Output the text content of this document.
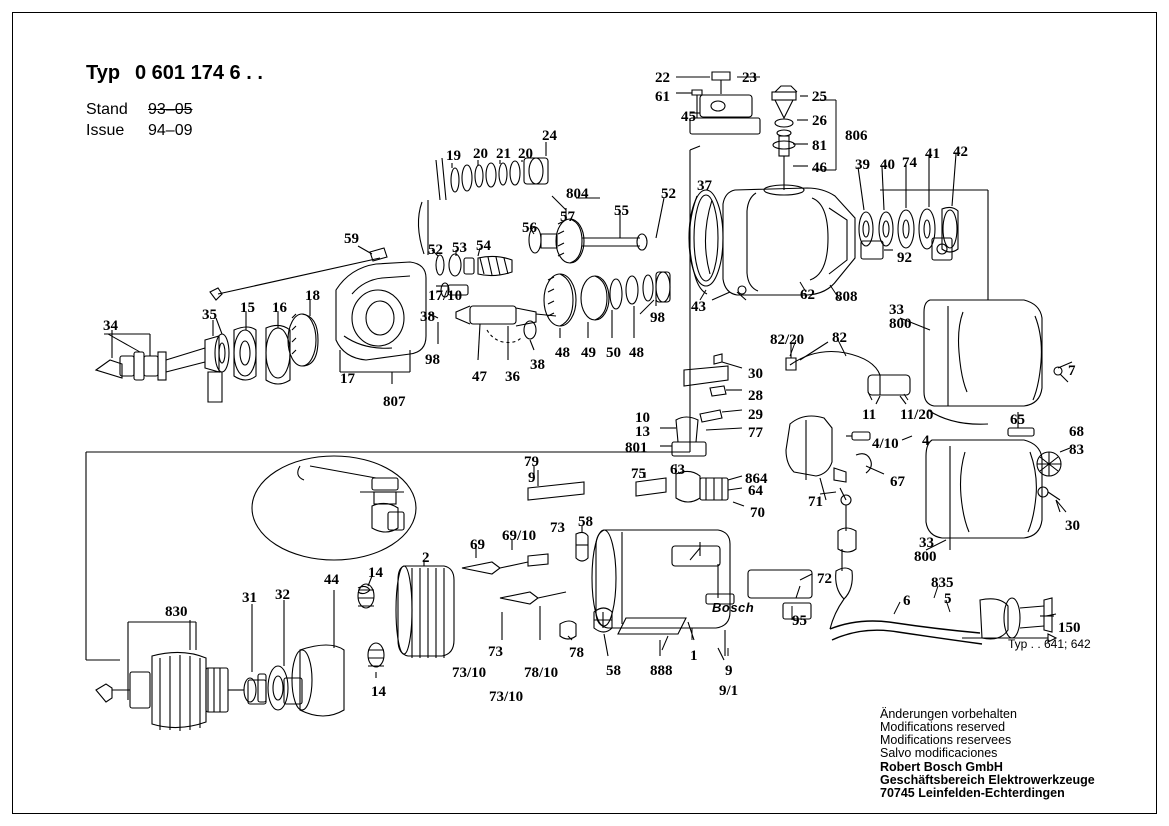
Typ 0 601 174 6 . .
Stand 93–05
Issue 94–09
Bosch
Typ . . 641; 642
Änderungen vorbehalten
Modifications reserved
Modifications reservees
Salvo modificaciones
Robert Bosch GmbH
Geschäftsbereich Elektrowerkzeuge
70745 Leinfelden-Echterdingen
22	23
61	25
45	26
806
81	41 42
39 40 74
46
19 20 21 20
24
804	52 37
57	55
56
59
52 53 54
92
17/10
35 15 16
18
34
38
43
62 808
33
800
98
48 49 50 48
82/20 82
7
98
47 36
38
30
17
807	28
11 11/20	65
68
29
10
13	77
801	4/10 4
83
79
75 63
864
64
9	67
71
70
30
69/10 73 58
69	33
800
2
44 14	72
31 32
835
5
6
830
95	150
73	78
14
73/10	78/10	58 888
1
9
9/1
73/10
